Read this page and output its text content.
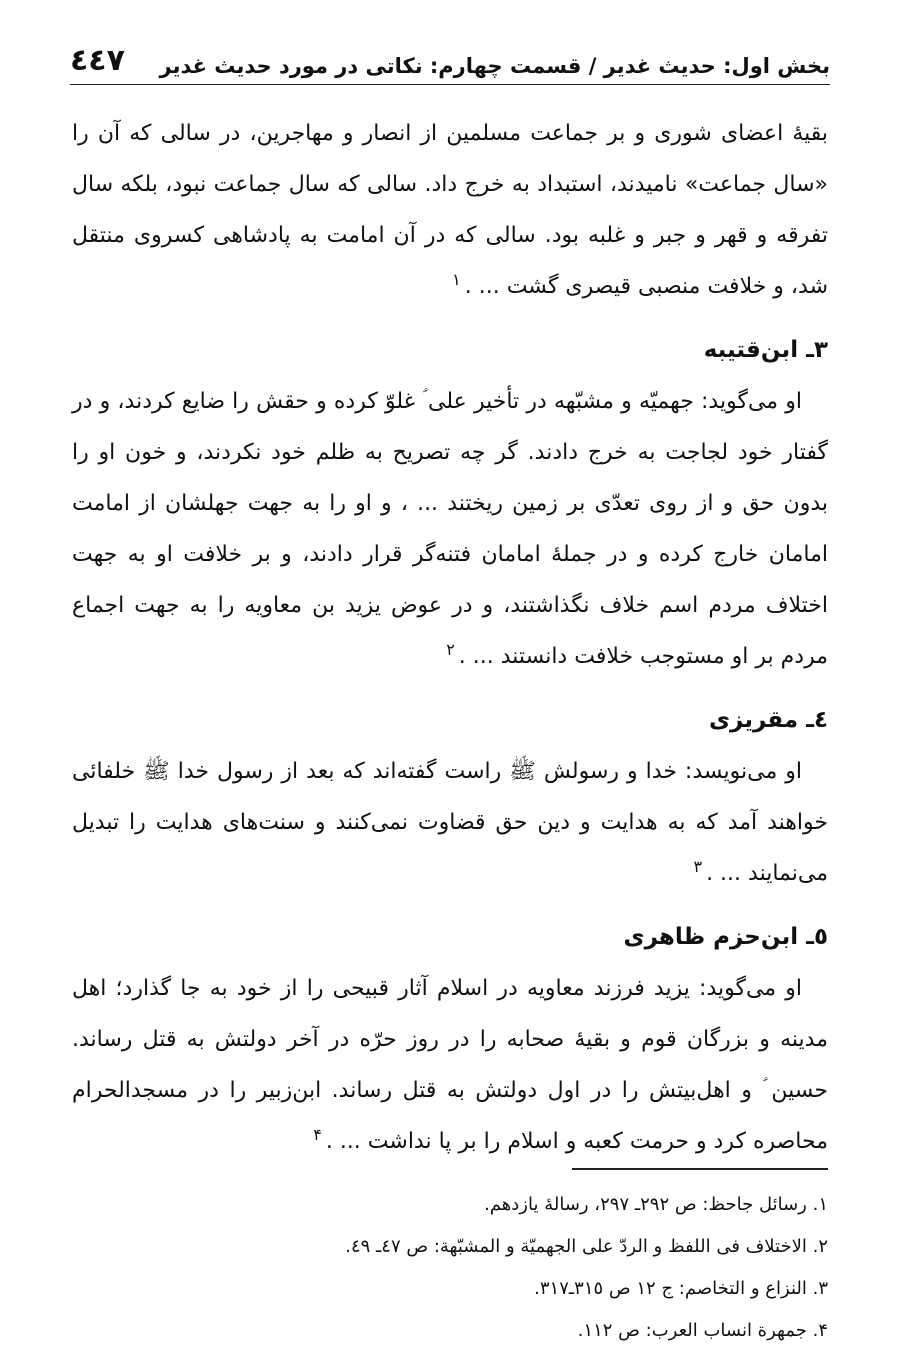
بخش اول: حدیث غدیر / قسمت چهارم: نکاتی در مورد حدیث غدیر
٤٤٧

بقیهٔ اعضای شوری و بر جماعت مسلمین از انصار و مهاجرین، در سالی که آن را «سال جماعت» نامیدند، استبداد به خرج داد. سالی که سال جماعت نبود، بلکه سال تفرقه و قهر و جبر و غلبه بود. سالی که در آن امامت به پادشاهی کسروی منتقل شد، و خلافت منصبی قیصری گشت ... .$^١$

۳ـ ابن‌قتیبه

او می‌گوید: جهمیّه و مشبّهه در تأخیر علی ؑ غلوّ کرده و حقش را ضایع کردند، و در گفتار خود لجاجت به خرج دادند. گر چه تصریح به ظلم خود نکردند، و خون او را بدون حق و از روی تعدّی بر زمین ریختند ... ، و او را به جهت جهلشان از امامت امامان خارج کرده و در جملهٔ امامان فتنه‌گر قرار دادند، و بر خلافت او به جهت اختلاف مردم اسم خلاف نگذاشتند، و در عوض یزید بن معاویه را به جهت اجماع مردم بر او مستوجب خلافت دانستند ... .$^٢$

٤ـ مقریزی

او می‌نویسد: خدا و رسولش ﷺ راست گفته‌اند که بعد از رسول خدا ﷺ خلفائی خواهند آمد که به هدایت و دین حق قضاوت نمی‌کنند و سنت‌های هدایت را تبدیل می‌نمایند ... .$^۳$

٥ـ ابن‌حزم ظاهری

او می‌گوید: یزید فرزند معاویه در اسلام آثار قبیحی را از خود به جا گذارد؛ اهل مدینه و بزرگان قوم و بقیهٔ صحابه را در روز حرّه در آخر دولتش به قتل رساند. حسین ؑ و اهل‌بیتش را در اول دولتش به قتل رساند. ابن‌زبیر را در مسجدالحرام محاصره کرد و حرمت کعبه و اسلام را بر پا نداشت ... .$^۴$

١. رسائل جاحظ: ص ۲۹۲ـ ۲۹۷، رسالهٔ یازدهم.

۲. الاختلاف فی اللفظ و الردّ علی الجهمیّة و المشبّهة: ص ٤۷ـ ٤۹.

۳. النزاع و التخاصم: ج ١۲ ص ۳١٥ـ۳١۷.

۴. جمهرة انساب العرب: ص ١١۲.
